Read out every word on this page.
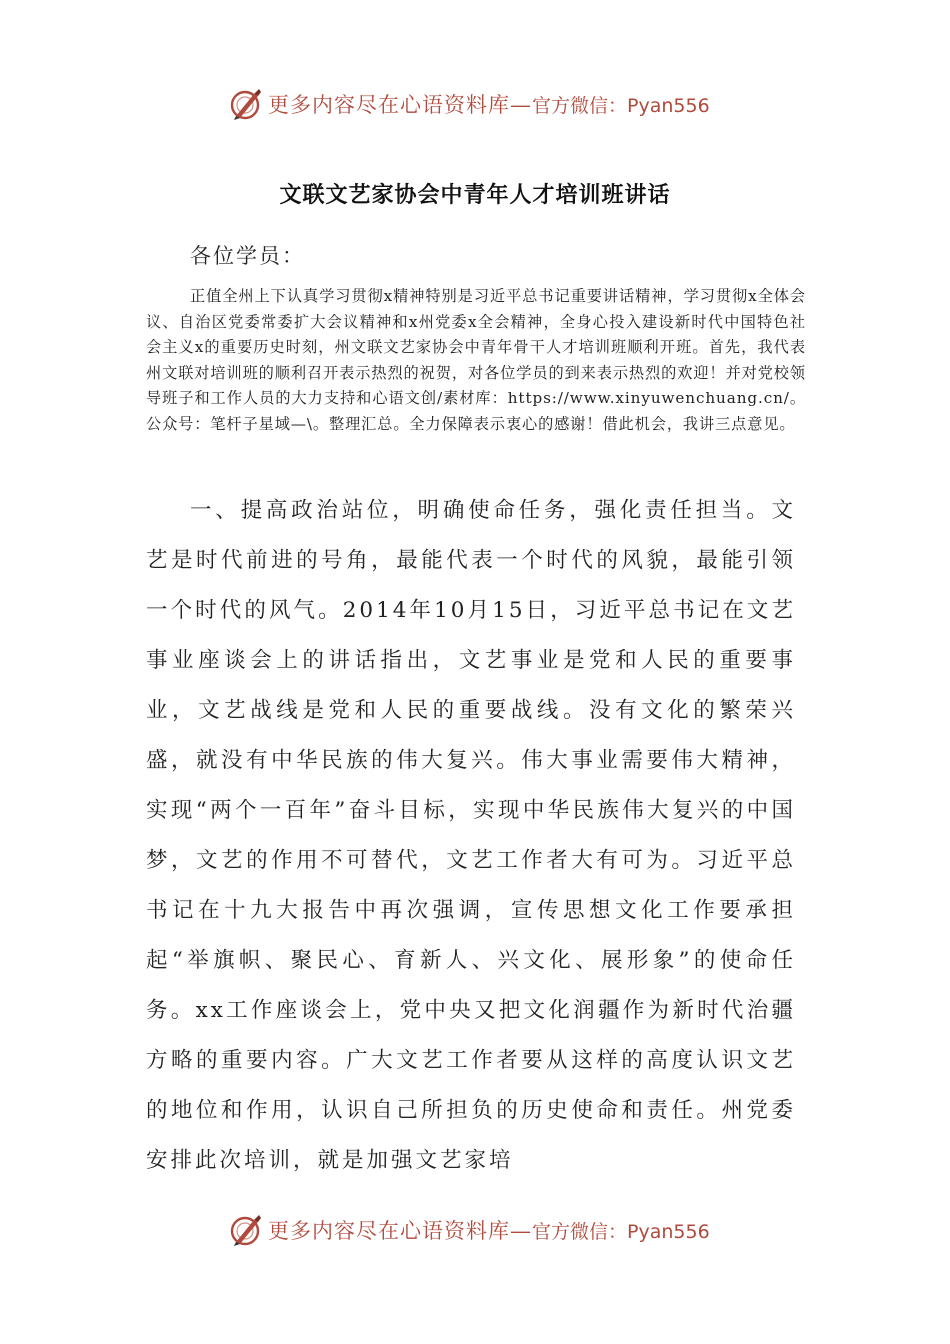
更多内容尽在心语资料库— 官方微信：Pyan556
文联文艺家协会中青年人才培训班讲话
各位学员：

正值全州上下认真学习贯彻x精神特别是习近平总书记重要讲话精神，学习贯彻x全体会议、自治区党委常委扩大会议精神和x州党委x全会精神，全身心投入建设新时代中国特色社会主义x的重要历史时刻，州文联文艺家协会中青年骨干人才培训班顺利开班。首先，我代表州文联对培训班的顺利召开表示热烈的祝贺，对各位学员的到来表示热烈的欢迎！并对党校领导班子和工作人员的大力支持和心语文创/素材库：https://www.xinyuwenchuang.cn/。公众号：笔杆子星域—\。整理汇总。全力保障表示衷心的感谢！借此机会，我讲三点意见。

一、提高政治站位，明确使命任务，强化责任担当。文艺是时代前进的号角，最能代表一个时代的风貌，最能引领一个时代的风气。2014年10月15日，习近平总书记在文艺事业座谈会上的讲话指出，文艺事业是党和人民的重要事业，文艺战线是党和人民的重要战线。没有文化的繁荣兴盛，就没有中华民族的伟大复兴。伟大事业需要伟大精神，实现“两个一百年”奋斗目标，实现中华民族伟大复兴的中国梦，文艺的作用不可替代，文艺工作者大有可为。习近平总书记在十九大报告中再次强调，宣传思想文化工作要承担起“举旗帜、聚民心、育新人、兴文化、展形象”的使命任务。xx工作座谈会上，党中央又把文化润疆作为新时代治疆方略的重要内容。广大文艺工作者要从这样的高度认识文艺的地位和作用，认识自己所担负的历史使命和责任。州党委安排此次培训，就是加强文艺家培

更多内容尽在心语资料库— 官方微信：Pyan556
